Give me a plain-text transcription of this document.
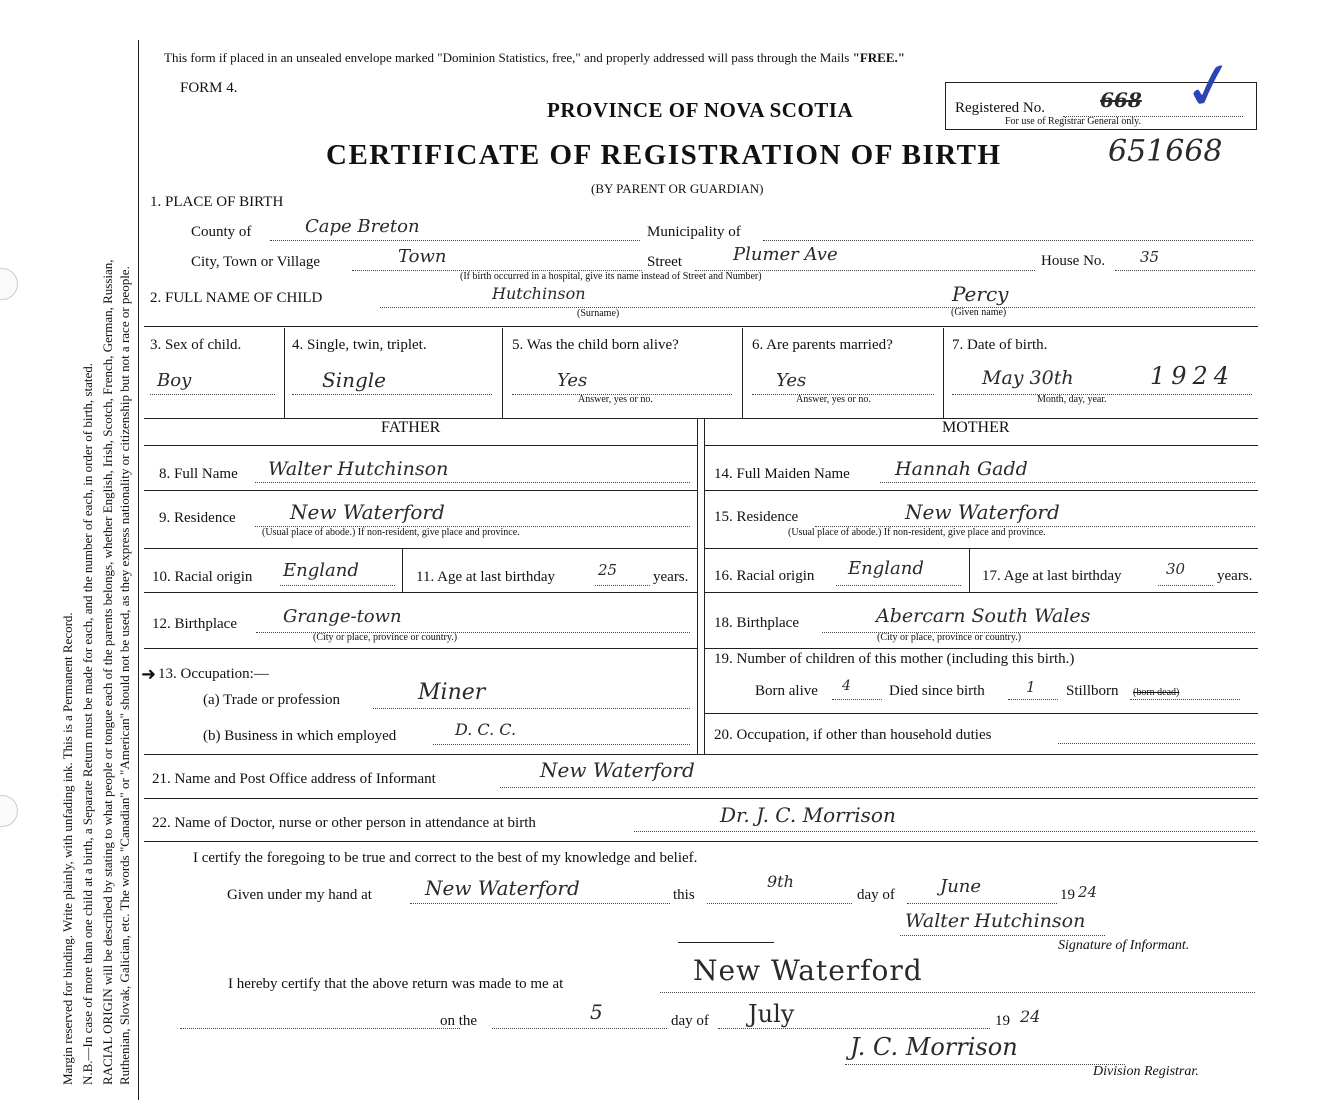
Margin reserved for binding. Write plainly, with unfading ink. This is a Permanent Record. N.B.—In case of more than one child at a birth, a Separate Return must be made for each, and the number of each, in order of birth, stated. RACIAL ORIGIN will be described by stating to what people or tongue each of the parents belongs, whether English, Irish, Scotch, French, German, Russian, Ruthenian, Slovak, Galician, etc. The words "Canadian" or "American" should not be used, as they express nationality or citizenship but not a race or people.
This form if placed in an unsealed envelope marked "Dominion Statistics, free," and properly addressed will pass through the Mails "FREE."
FORM 4.
PROVINCE OF NOVA SCOTIA	Registered No.	668
For use of Registrar General only. ✓
CERTIFICATE OF REGISTRATION OF BIRTH	651668
(BY PARENT OR GUARDIAN)
1. PLACE OF BIRTH
County of	Cape Breton	Municipality of
City, Town or Village	Town	Street	Plumer Ave	House No. 35
(If birth occurred in a hospital, give its name instead of Street and Number)
2. FULL NAME OF CHILD	Hutchinson
(Surname)
Percy
(Given name)
3. Sex of child.
Boy
4. Single, twin, triplet.
Single
5. Was the child born alive?
Yes
Answer, yes or no.
6. Are parents married?
Yes
Answer, yes or no.
7. Date of birth.
May 30th	1924
Month, day, year.
FATHER	MOTHER
8. Full Name Walter Hutchinson	14. Full Maiden Name Hannah Gadd
9. Residence	New Waterford
(Usual place of abode.) If non-resident, give place and province.
15. Residence	New Waterford
(Usual place of abode.) If non-resident, give place and province.
10. Racial origin England	11. Age at last birthday	25 years. 16. Racial origin England	17. Age at last birthday	30 years.
12. Birthplace	Grange-town
(City or place, province or country.)
18. Birthplace	Abercarn South Wales
(City or place, province or country.)
➜ 13. Occupation:—
(a) Trade or profession	Miner
19. Number of children of this mother (including this birth.)
Born alive 4	Died since birth	1 Stillborn (born dead)
(b) Business in which employed	D. C. C.	20. Occupation, if other than household duties
21. Name and Post Office address of Informant	New Waterford
22. Name of Doctor, nurse or other person in attendance at birth	Dr. J. C. Morrison
I certify the foregoing to be true and correct to the best of my knowledge and belief.
Given under my hand at	New Waterford	this
9th
day of	June	19 24
Walter Hutchinson
Signature of Informant.
I hereby certify that the above return was made to me at	New Waterford
on the	5	day of July	19 24
J. C. Morrison
Division Registrar.
